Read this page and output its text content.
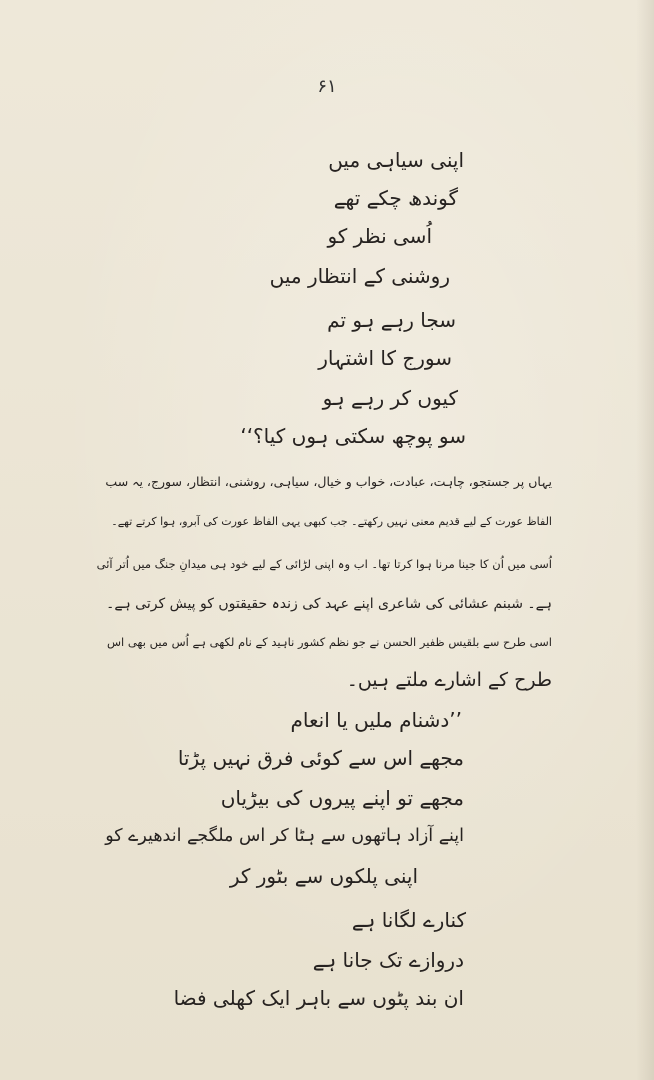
۶۱
اپنی سیاہی میں
گوندھ چکے تھے
اُسی نظر کو
روشنی کے انتظار میں
سجا رہے ہو تم
سورج کا اشتہار
کیوں کر رہے ہو
سو پوچھ سکتی ہوں کیا؟‘‘
یہاں پر جستجو، چاہت، عبادت، خواب و خیال، سیاہی، روشنی، انتظار، سورج، یہ سب
الفاظ عورت کے لیے قدیم معنی نہیں رکھتے۔ جب کبھی یہی الفاظ عورت کی آبرو، ہوا کرتے تھے۔
اُسی میں اُن کا جینا مرنا ہوا کرتا تھا۔ اب وہ اپنی لڑائی کے لیے خود ہی میدانِ جنگ میں اُتر آئی
ہے۔ شبنم عشائی کی شاعری اپنے عہد کی زندہ حقیقتوں کو پیش کرتی ہے۔
اسی طرح سے بلقیس ظفیر الحسن نے جو نظم کشور ناہید کے نام لکھی ہے اُس میں بھی اس
طرح کے اشارے ملتے ہیں۔
’’دشنام ملیں یا انعام
مجھے اس سے کوئی فرق نہیں پڑتا
مجھے تو اپنے پیروں کی بیڑیاں
اپنے آزاد ہاتھوں سے ہٹا کر اس ملگجے اندھیرے کو
اپنی پلکوں سے بٹور کر
کنارے لگانا ہے
دروازے تک جانا ہے
ان بند پٹوں سے باہر ایک کھلی فضا
